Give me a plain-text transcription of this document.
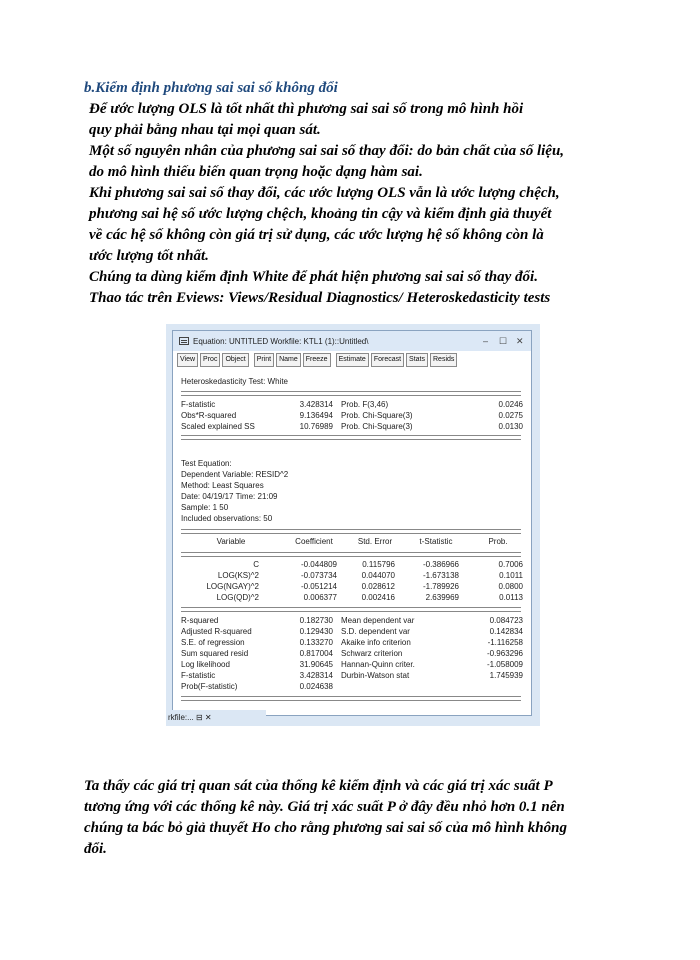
b.Kiểm định phương sai sai số không đổi
Để ước lượng OLS là tốt nhất thì phương sai sai số trong mô hình hồi
quy phải bằng nhau tại mọi quan sát.
Một số nguyên nhân của phương sai sai số thay đổi: do bản chất của số liệu,
do mô hình thiếu biến quan trọng hoặc dạng hàm sai.
Khi phương sai sai số thay đổi, các ước lượng OLS vẫn là ước lượng chệch,
phương sai hệ số ước lượng chệch, khoảng tin cậy và kiểm định giả thuyết
về các hệ số không còn giá trị sử dụng, các ước lượng hệ số không còn là
ước lượng tốt nhất.
Chúng ta dùng kiểm định White để phát hiện phương sai sai số thay đổi.
Thao tác trên Eviews: Views/Residual Diagnostics/ Heteroskedasticity tests
Equation: UNTITLED Workfile: KTL1 (1)::Untitled\	– ☐ ✕
View	Proc	Object	Print	Name	Freeze	Estimate	Forecast	Stats	Resids
Heteroskedasticity Test: White
F-statistic	3.428314 Prob. F(3,46)	0.0246
Obs*R-squared	9.136494 Prob. Chi-Square(3)	0.0275
Scaled explained SS	10.76989 Prob. Chi-Square(3)	0.0130
Test Equation:
Dependent Variable: RESID^2
Method: Least Squares
Date: 04/19/17 Time: 21:09
Sample: 1 50
Included observations: 50
Variable	Coefficient	Std. Error	t-Statistic	Prob.
C	-0.044809	0.115796	-0.386966	0.7006
LOG(KS)^2	-0.073734	0.044070	-1.673138	0.1011
LOG(NGAY)^2	-0.051214	0.028612	-1.789926	0.0800
LOG(QD)^2	0.006377	0.002416	2.639969	0.0113
R-squared	0.182730 Mean dependent var	0.084723
Adjusted R-squared	0.129430 S.D. dependent var	0.142834
S.E. of regression	0.133270 Akaike info criterion	-1.116258
Sum squared resid	0.817004 Schwarz criterion	-0.963296
Log likelihood	31.90645 Hannan-Quinn criter.	-1.058009
F-statistic	3.428314 Durbin-Watson stat	1.745939
Prob(F-statistic)	0.024638
rkfile:... ⊟ ✕
Ta thấy các giá trị quan sát của thống kê kiểm định và các giá trị xác suất P
tương ứng với các thống kê này. Giá trị xác suất P ở đây đều nhỏ hơn 0.1 nên
chúng ta bác bỏ giả thuyết Ho cho rằng phương sai sai số của mô hình không
đổi.
